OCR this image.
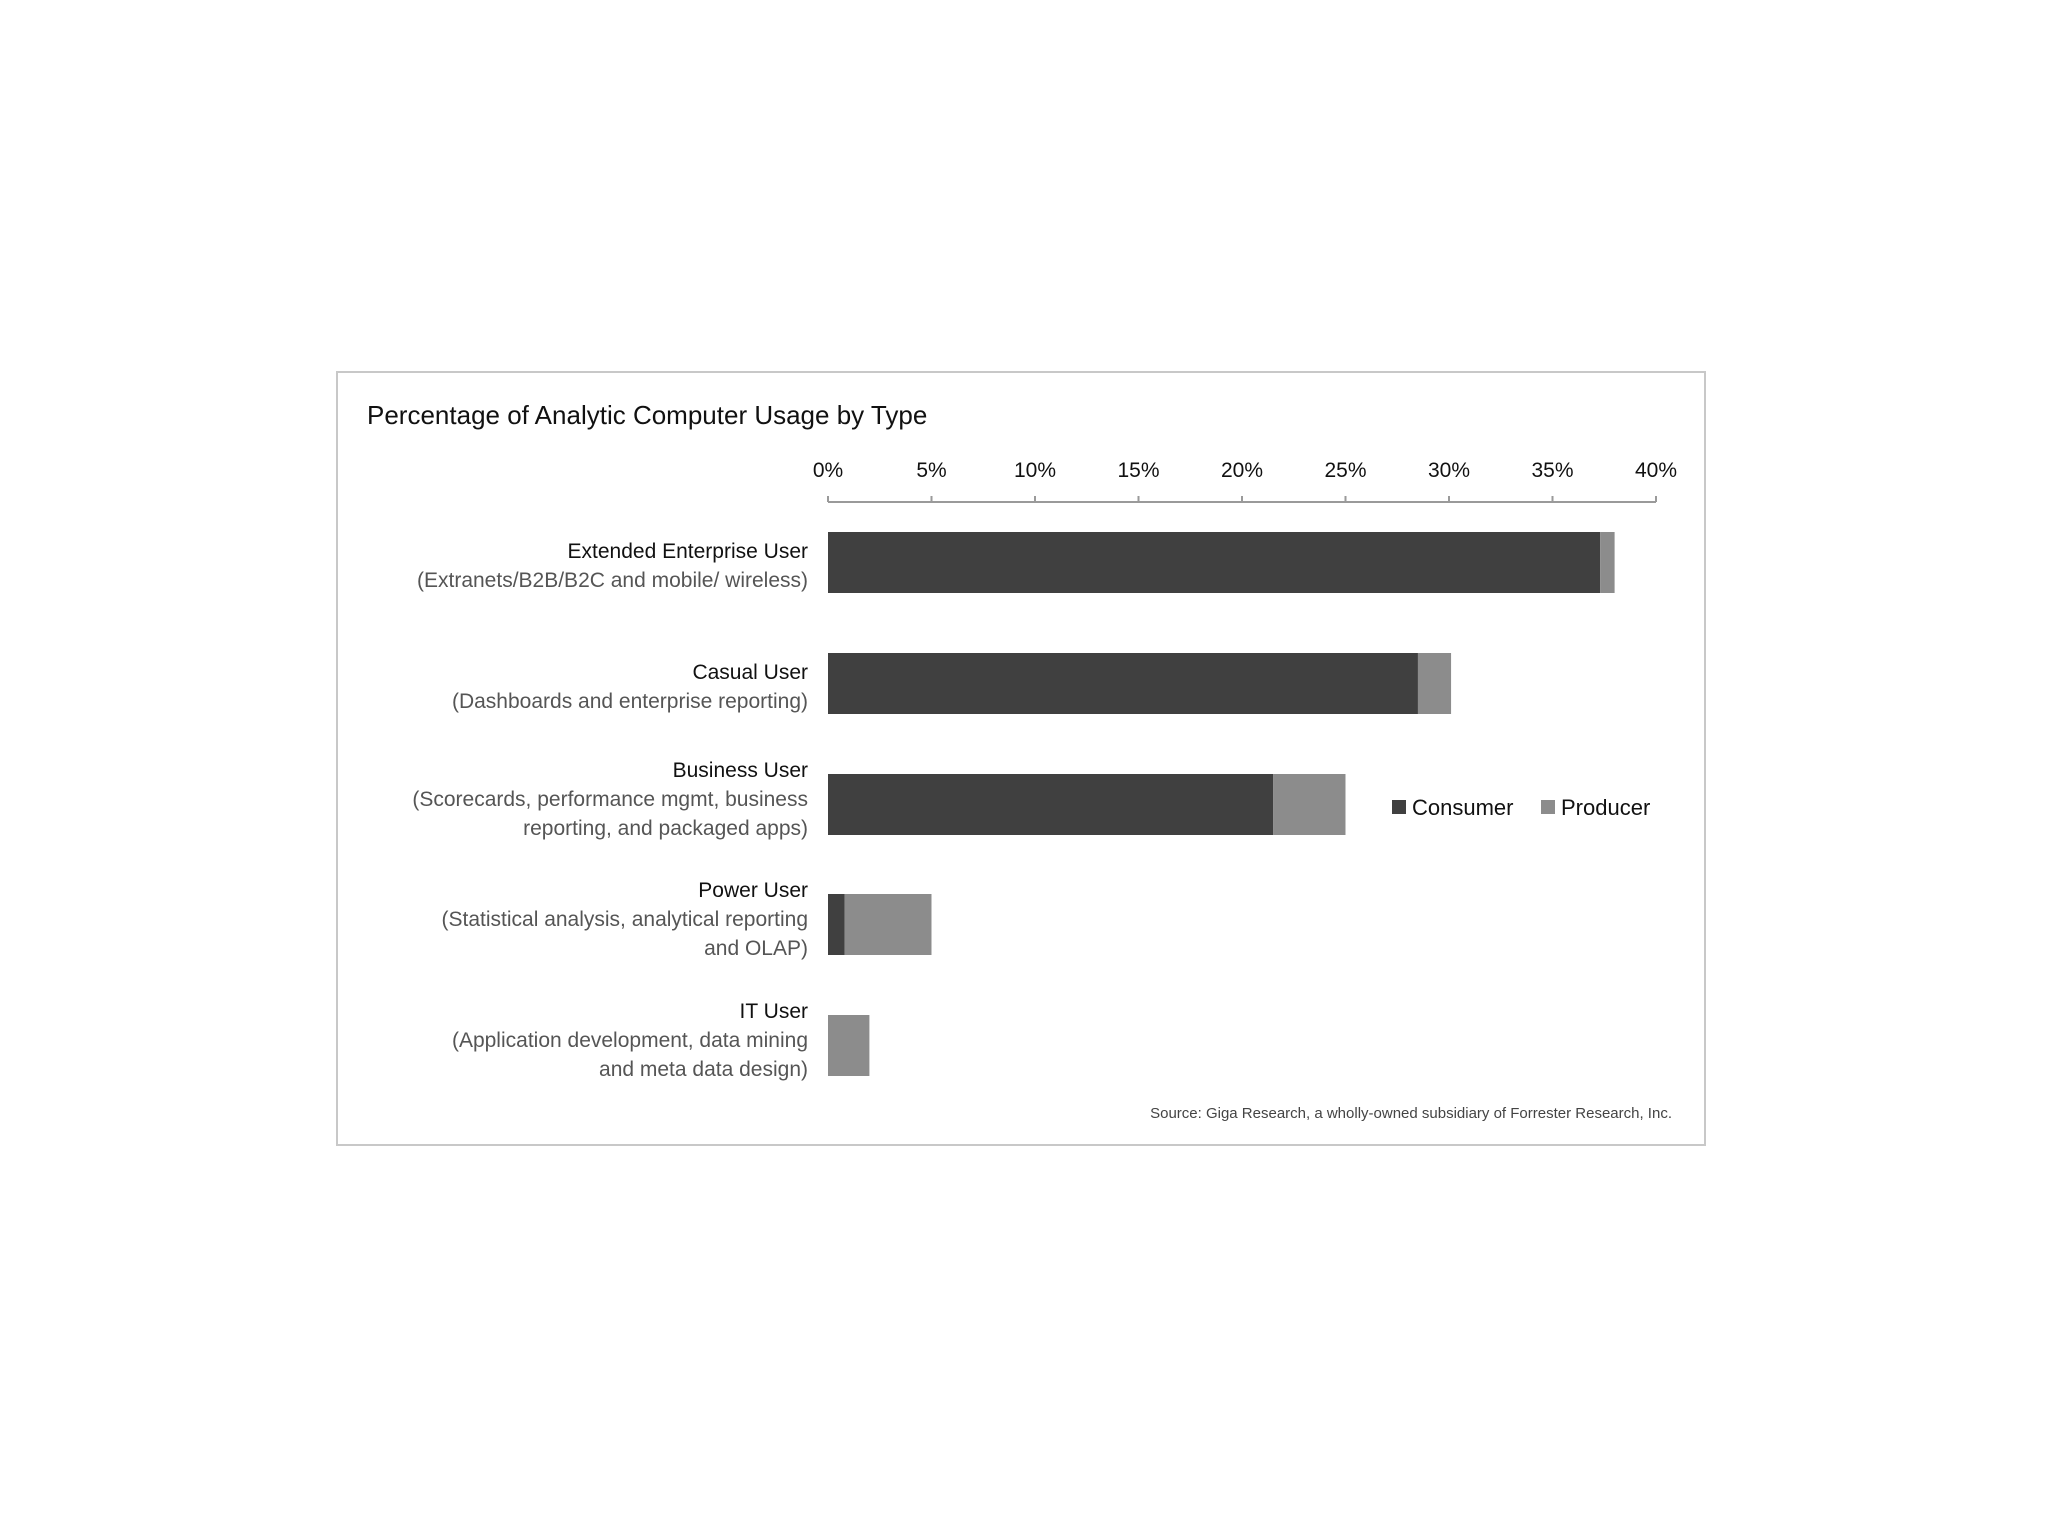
Percentage of Analytic Computer Usage by Type
0%	5%	10%	15%	20%	25%	30%	35%	40%
Extended Enterprise User
(Extranets/B2B/B2C and mobile/ wireless)
Casual User
(Dashboards and enterprise reporting)
Business User
(Scorecards, performance mgmt, business
reporting, and packaged apps)
Power User
(Statistical analysis, analytical reporting
and OLAP)
IT User
(Application development, data mining
and meta data design)
Consumer Producer
Source: Giga Research, a wholly-owned subsidiary of Forrester Research, Inc.
